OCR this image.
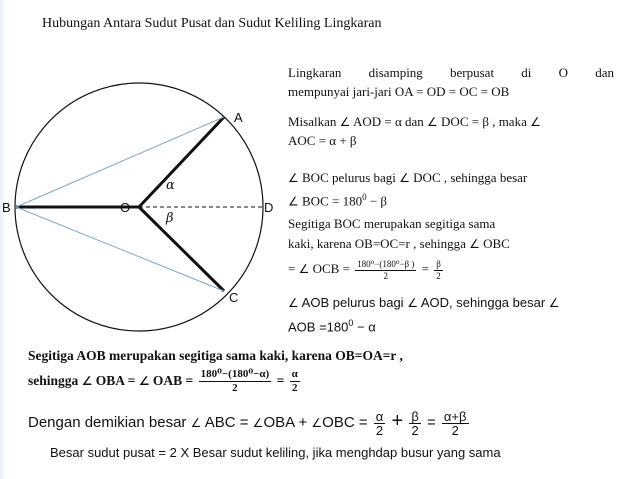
Hubungan Antara Sudut Pusat dan Sudut Keliling Lingkaran
A
B
C
D
O
α
β
Lingkaran disamping berpusat di O dan
mempunyai jari-jari OA = OD = OC = OB
Misalkan ∠ AOD = α dan ∠ DOC = β , maka ∠
AOC = α + β
∠ BOC pelurus bagi ∠ DOC , sehingga besar
∠ BOC = $180^0 - \beta$
Segitiga BOC merupakan segitiga sama
kaki, karena OB=OC=r , sehingga ∠ OBC
= ∠ OCB = $\frac{\text{180⁰−(180⁰−β )}}{2} = \frac{\beta}{2}$
∠ AOB pelurus bagi ∠ AOD, sehingga besar ∠
AOB $=180^0 - \alpha$
Segitiga AOB merupakan segitiga sama kaki, karena OB=OA=r ,
sehingga ∠ OBA = ∠ OAB = $\frac{\text{180⁰−(180⁰−α)}}{2} = \frac{\alpha}{2}$
Dengan demikian besar ∠ ABC = ∠OBA + ∠OBC = $\frac{\alpha}{2} + \frac{\beta}{2} = \frac{\alpha+\beta}{2}$
Besar sudut pusat = 2 X Besar sudut keliling, jika menghdap busur yang sama
